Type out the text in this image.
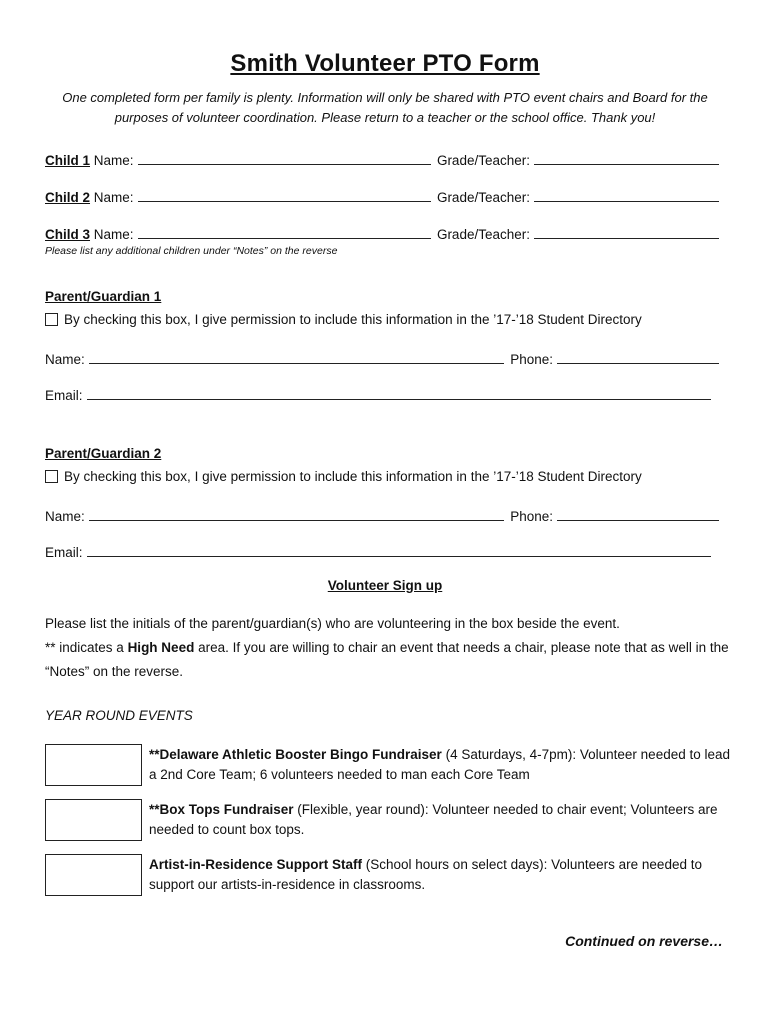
Smith Volunteer PTO Form
One completed form per family is plenty. Information will only be shared with PTO event chairs and Board for the purposes of volunteer coordination. Please return to a teacher or the school office. Thank you!
Child 1
Name:	Grade/Teacher:
Child 2
Name:	Grade/Teacher:
Child 3
Name:	Grade/Teacher:
Please list any additional children under “Notes” on the reverse
Parent/Guardian 1
By checking this box, I give permission to include this information in the ’17-’18 Student Directory
Name:	Phone:
Email:
Parent/Guardian 2
By checking this box, I give permission to include this information in the ’17-’18 Student Directory
Name:	Phone:
Email:
Volunteer Sign up
Please list the initials of the parent/guardian(s) who are volunteering in the box beside the event.
** indicates a High Need area. If you are willing to chair an event that needs a chair, please note that as well in the “Notes” on the reverse.
YEAR ROUND EVENTS
**Delaware Athletic Booster Bingo Fundraiser (4 Saturdays, 4-7pm): Volunteer needed to lead a 2nd Core Team; 6 volunteers needed to man each Core Team
**Box Tops Fundraiser (Flexible, year round): Volunteer needed to chair event; Volunteers are needed to count box tops.
Artist-in-Residence Support Staff (School hours on select days): Volunteers are needed to support our artists-in-residence in classrooms.
Continued on reverse…
